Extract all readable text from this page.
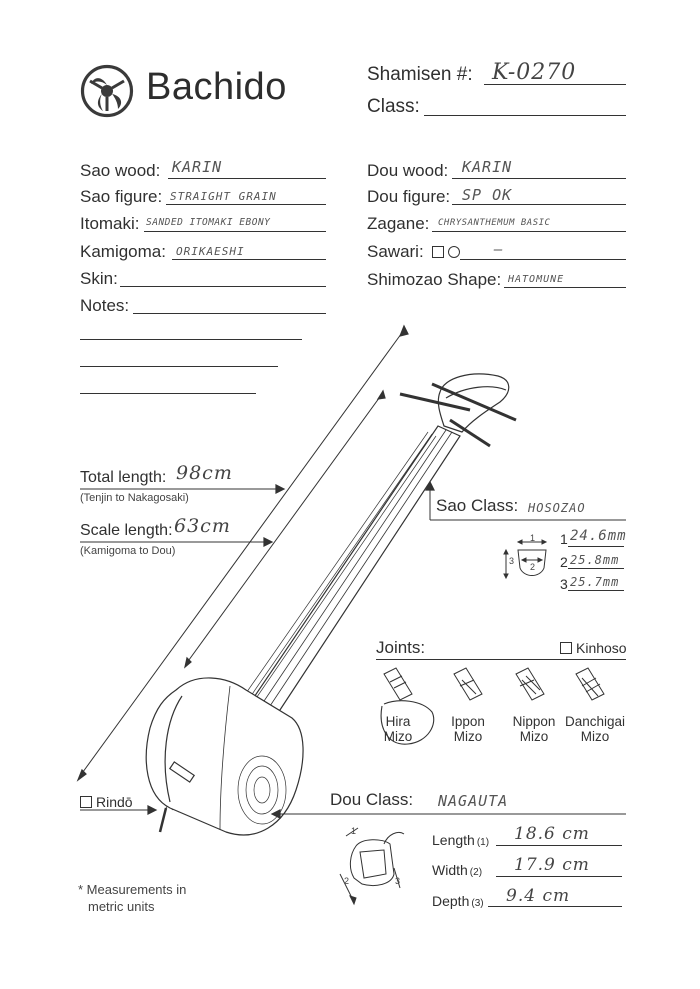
Bachido	Shamisen #: K-0270
Class:
Sao wood: KARIN
Sao figure: STRAIGHT GRAIN
Itomaki: SANDED ITOMAKI EBONY
Kamigoma: ORIKAESHI
Skin:
Notes:
Dou wood: KARIN
Dou figure: SP OK
Zagane: CHRYSANTHEMUM BASIC
Sawari:	—
Shimozao Shape: HATOMUNE
Total length: 98cm
(Tenjin to Nakagosaki)
Scale length: 63cm
(Kamigoma to Dou)
Sao Class: HOSOZAO
1
3
2
1 24.6mm
2 25.8mm
3 25.7mm
Joints:	Kinhoso
Hira
Mizo
Ippon
Mizo
Nippon
Mizo
Danchigai
Mizo
Rindō	Dou Class: NAGAUTA
1
2	3
Length (1) 18.6 cm
Width (2) 17.9 cm
Depth (3) 9.4 cm
* Measurements in
metric units
